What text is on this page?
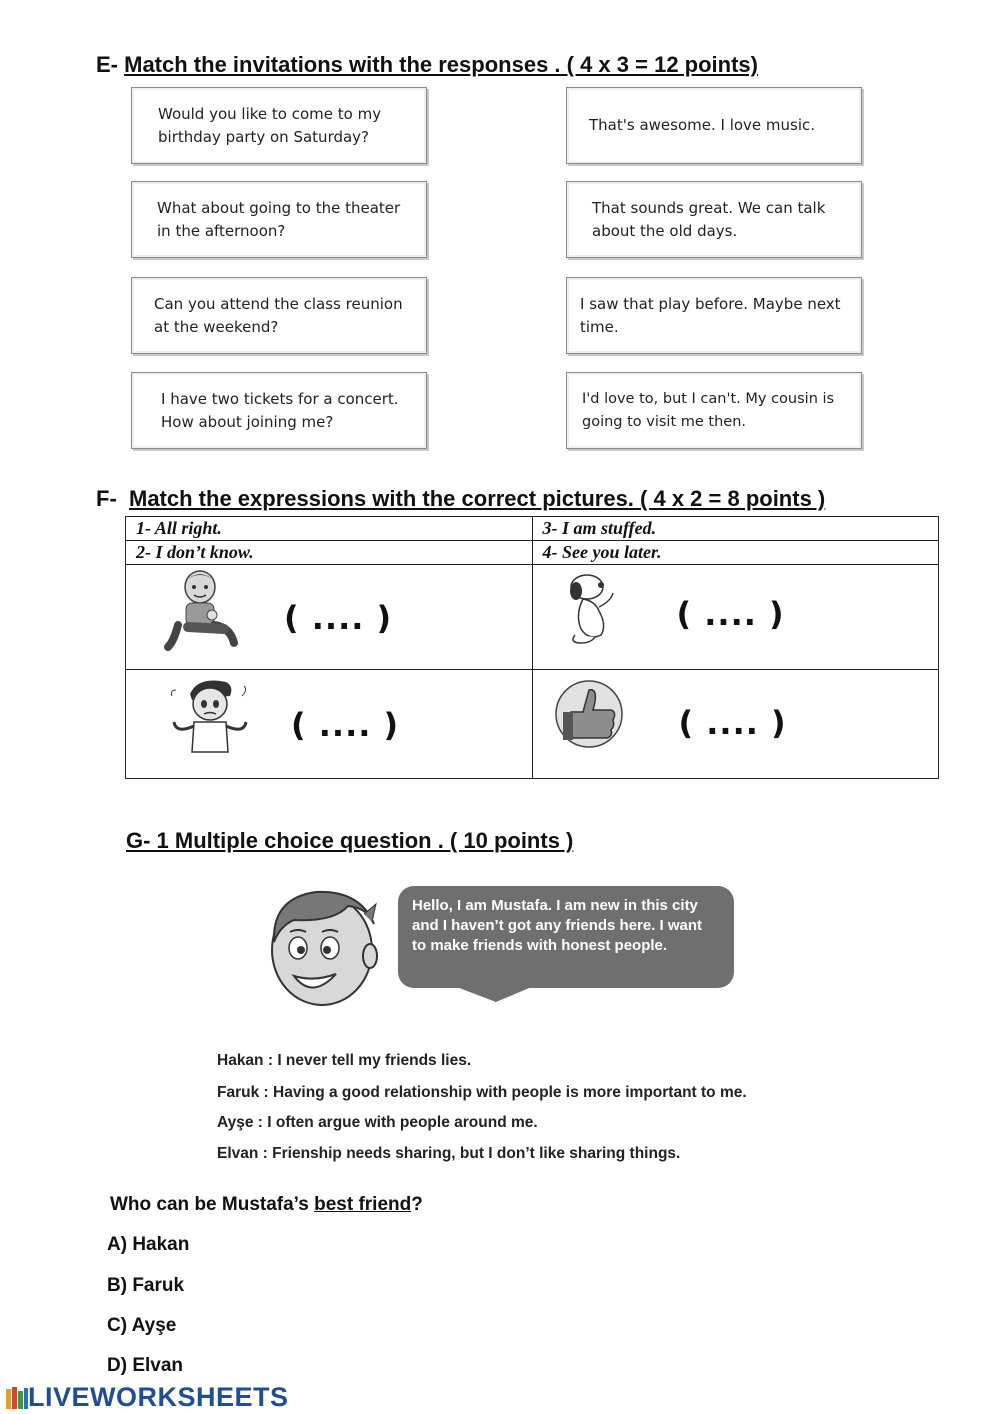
E- Match the invitations with the responses . ( 4 x 3 = 12 points)
Would you like to come to my
birthday party on Saturday?
What about going to the theater
in the afternoon?
Can you attend the class reunion
at the weekend?
I have two tickets for a concert.
How about joining me?
That's awesome. I love music.
That sounds great. We can talk
about the old days.
I saw that play before. Maybe next
time.
I'd love to, but I can't. My cousin is
going to visit me then.
F- Match the expressions with the correct pictures. ( 4 x 2 = 8 points )
1- All right.	3- I am stuffed.
2- I don’t know.	4- See you later.

( .... )	( .... )

( .... )	( .... )
G- 1 Multiple choice question . ( 10 points )
Hello, I am Mustafa. I am new in this city and I haven’t got any friends here. I want to make friends with honest people.
Hakan : I never tell my friends lies.
Faruk : Having a good relationship with people is more important to me.
Ayşe : I often argue with people around me.
Elvan : Frienship needs sharing, but I don’t like sharing things.
Who can be Mustafa’s best friend?
A) Hakan
B) Faruk
C) Ayşe
D) Elvan
LIVEWORKSHEETS
